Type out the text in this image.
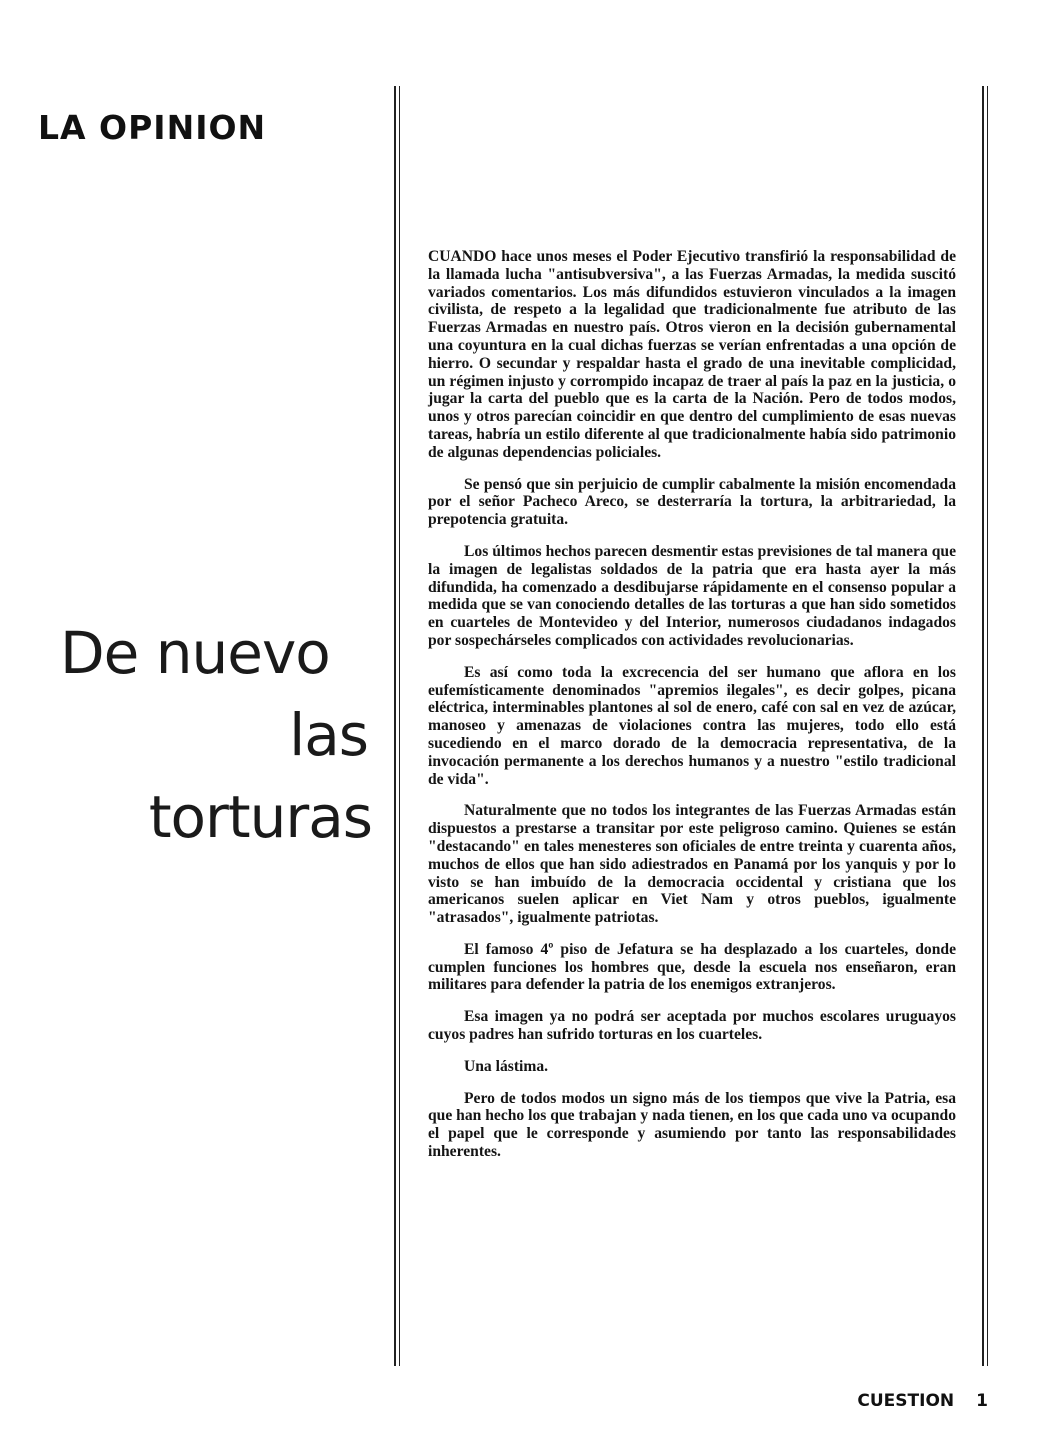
LA OPINION
De nuevo
las
torturas

CUANDO hace unos meses el Poder Ejecutivo transfirió la responsabilidad de la llamada lucha "antisubversiva", a las Fuerzas Armadas, la medida suscitó variados comentarios. Los más difundidos estuvieron vinculados a la imagen civilista, de respeto a la legalidad que tradicionalmente fue atributo de las Fuerzas Armadas en nuestro país. Otros vieron en la decisión gubernamental una coyuntura en la cual dichas fuerzas se verían enfrentadas a una opción de hierro. O secundar y respaldar hasta el grado de una inevitable complicidad, un régimen injusto y corrompido incapaz de traer al país la paz en la justicia, o jugar la carta del pueblo que es la carta de la Nación. Pero de todos modos, unos y otros parecían coincidir en que dentro del cumplimiento de esas nuevas tareas, habría un estilo diferente al que tradicionalmente había sido patrimonio de algunas dependencias policiales.

Se pensó que sin perjuicio de cumplir cabalmente la misión encomendada por el señor Pacheco Areco, se desterraría la tortura, la arbitrariedad, la prepotencia gratuita.

Los últimos hechos parecen desmentir estas previsiones de tal manera que la imagen de legalistas soldados de la patria que era hasta ayer la más difundida, ha comenzado a desdibujarse rápidamente en el consenso popular a medida que se van conociendo detalles de las torturas a que han sido sometidos en cuarteles de Montevideo y del Interior, numerosos ciudadanos indagados por sospechárseles complicados con actividades revolucionarias.

Es así como toda la excrecencia del ser humano que aflora en los eufemísticamente denominados "apremios ilegales", es decir golpes, picana eléctrica, interminables plantones al sol de enero, café con sal en vez de azúcar, manoseo y amenazas de violaciones contra las mujeres, todo ello está sucediendo en el marco dorado de la democracia representativa, de la invocación permanente a los derechos humanos y a nuestro "estilo tradicional de vida".

Naturalmente que no todos los integrantes de las Fuerzas Armadas están dispuestos a prestarse a transitar por este peligroso camino. Quienes se están "destacando" en tales menesteres son oficiales de entre treinta y cuarenta años, muchos de ellos que han sido adiestrados en Panamá por los yanquis y por lo visto se han imbuído de la democracia occidental y cristiana que los americanos suelen aplicar en Viet Nam y otros pueblos, igualmente "atrasados", igualmente patriotas.

El famoso 4º piso de Jefatura se ha desplazado a los cuarteles, donde cumplen funciones los hombres que, desde la escuela nos enseñaron, eran militares para defender la patria de los enemigos extranjeros.

Esa imagen ya no podrá ser aceptada por muchos escolares uruguayos cuyos padres han sufrido torturas en los cuarteles.

Una lástima.

Pero de todos modos un signo más de los tiempos que vive la Patria, esa que han hecho los que trabajan y nada tienen, en los que cada uno va ocupando el papel que le corresponde y asumiendo por tanto las responsabilidades inherentes.

CUESTION 1
